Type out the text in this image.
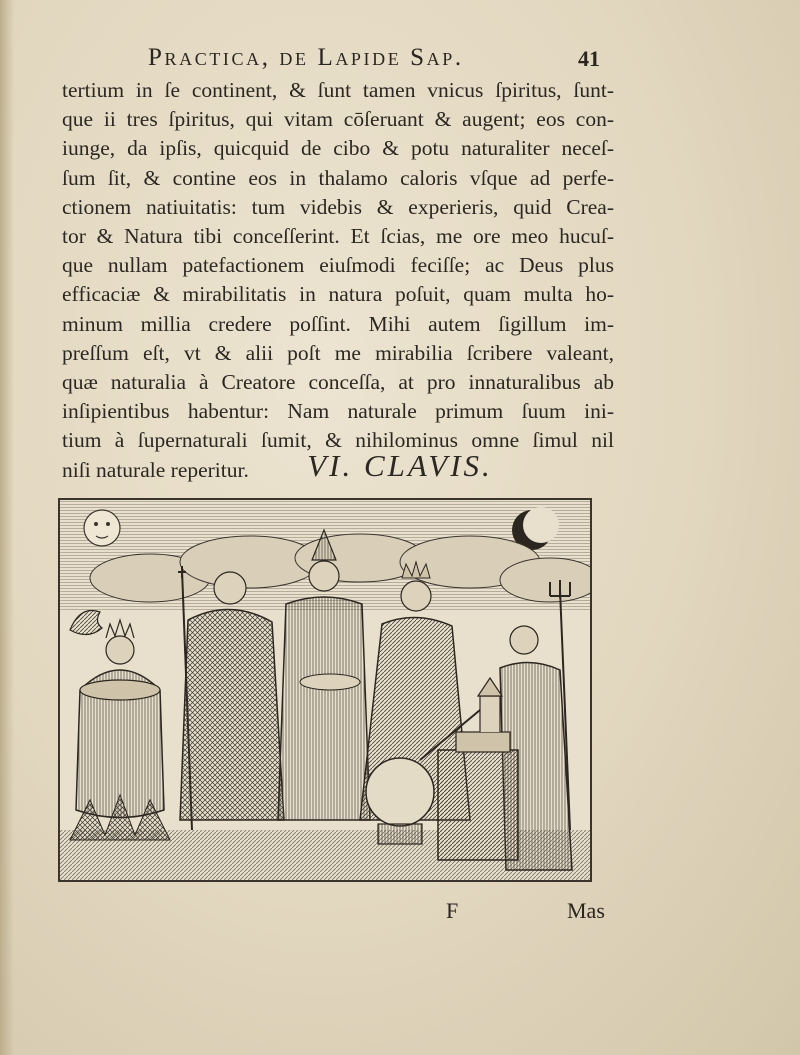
Practica, de Lapide Sap.	41
tertium in ſe continent, & ſunt tamen vnicus ſpiritus, ſunt-
que ii tres ſpiritus, qui vitam cōſeruant & augent; eos con-
iunge, da ipſis, quicquid de cibo & potu naturaliter neceſ-
ſum ſit, & contine eos in thalamo caloris vſque ad perfe-
ctionem natiuitatis: tum videbis & experieris, quid Crea-
tor & Natura tibi conceſſerint. Et ſcias, me ore meo hucuſ-
que nullam patefactionem eiuſmodi feciſſe; ac Deus plus
efficaciæ & mirabilitatis in natura poſuit, quam multa ho-
minum millia credere poſſint. Mihi autem ſigillum im-
preſſum eſt, vt & alii poſt me mirabilia ſcribere valeant,
quæ naturalia à Creatore conceſſa, at pro innaturalibus ab
inſipientibus habentur: Nam naturale primum ſuum ini-
tium à ſupernaturali ſumit, & nihilominus omne ſimul nil
niſi naturale reperitur.	VI. CLAVIS.
F	Mas
